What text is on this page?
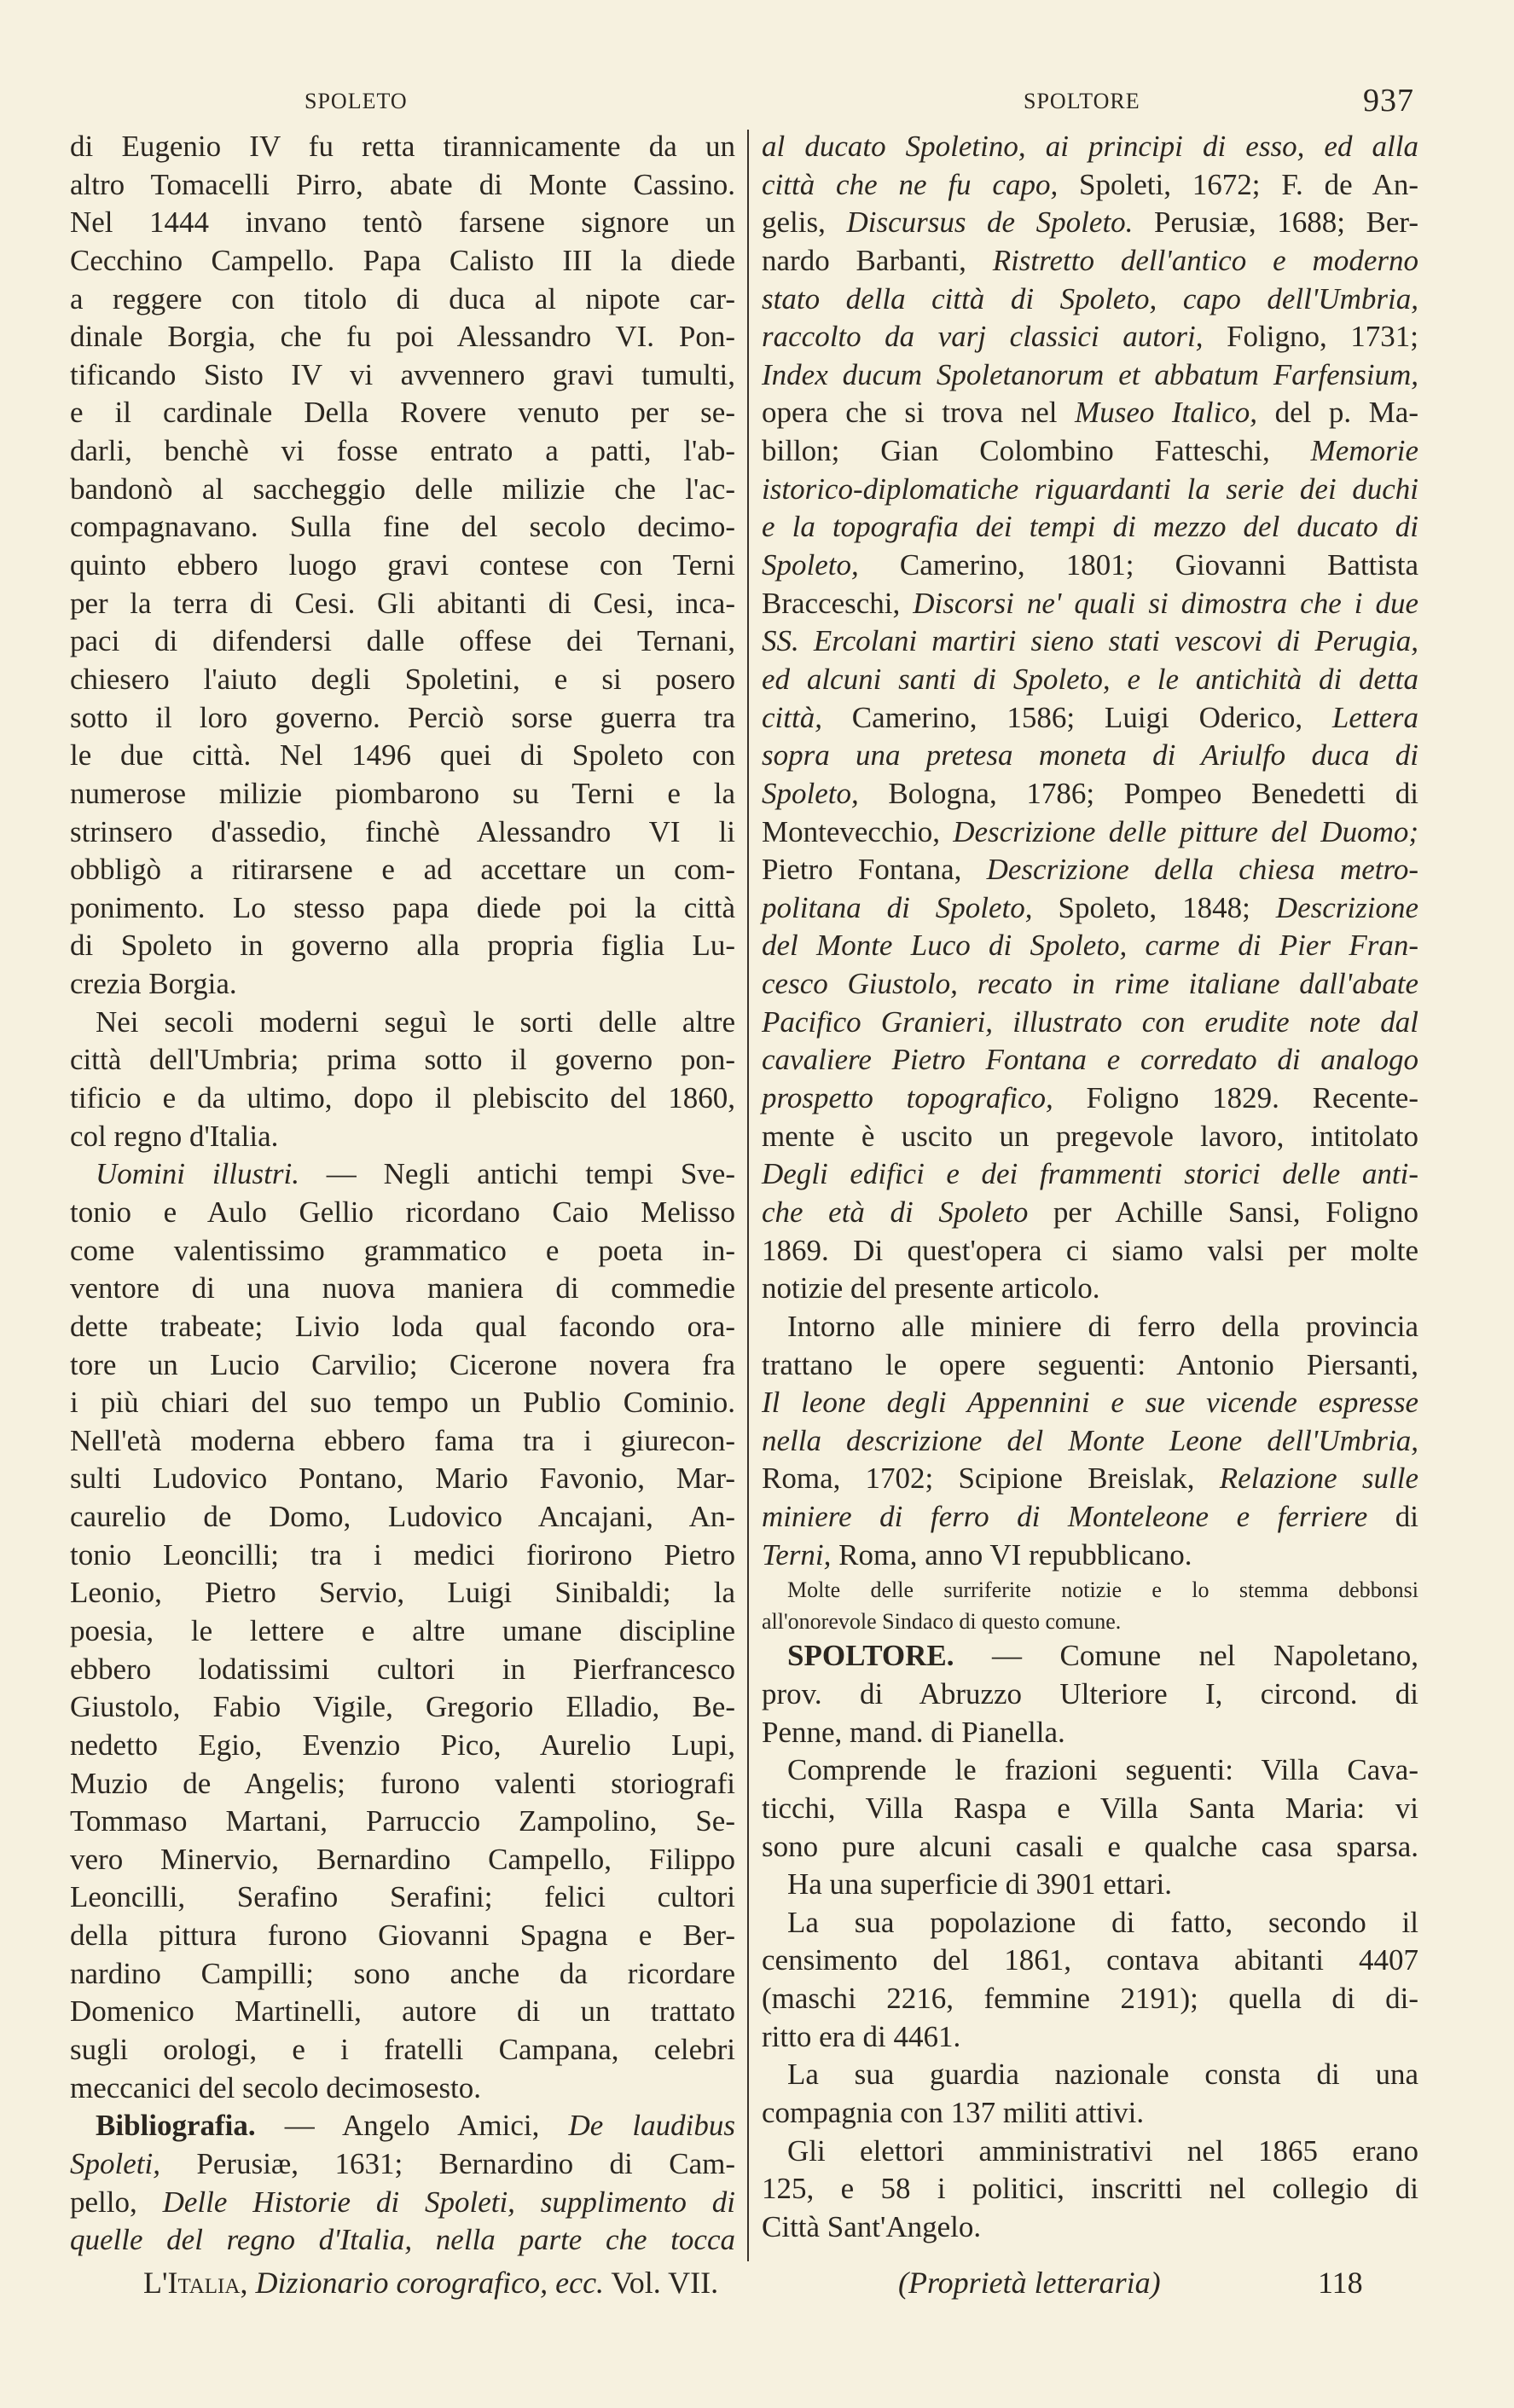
SPOLETO	SPOLTORE	937
di Eugenio IV fu retta tirannicamente da un
altro Tomacelli Pirro, abate di Monte Cassino.
Nel 1444 invano tentò farsene signore un
Cecchino Campello. Papa Calisto III la diede
a reggere con titolo di duca al nipote car-
dinale Borgia, che fu poi Alessandro VI. Pon-
tificando Sisto IV vi avvennero gravi tumulti,
e il cardinale Della Rovere venuto per se-
darli, benchè vi fosse entrato a patti, l'ab-
bandonò al saccheggio delle milizie che l'ac-
compagnavano. Sulla fine del secolo decimo-
quinto ebbero luogo gravi contese con Terni
per la terra di Cesi. Gli abitanti di Cesi, inca-
paci di difendersi dalle offese dei Ternani,
chiesero l'aiuto degli Spoletini, e si posero
sotto il loro governo. Perciò sorse guerra tra
le due città. Nel 1496 quei di Spoleto con
numerose milizie piombarono su Terni e la
strinsero d'assedio, finchè Alessandro VI li
obbligò a ritirarsene e ad accettare un com-
ponimento. Lo stesso papa diede poi la città
di Spoleto in governo alla propria figlia Lu-
crezia Borgia.
Nei secoli moderni seguì le sorti delle altre
città dell'Umbria; prima sotto il governo pon-
tificio e da ultimo, dopo il plebiscito del 1860,
col regno d'Italia.
Uomini illustri. — Negli antichi tempi Sve-
tonio e Aulo Gellio ricordano Caio Melisso
come valentissimo grammatico e poeta in-
ventore di una nuova maniera di commedie
dette trabeate; Livio loda qual facondo ora-
tore un Lucio Carvilio; Cicerone novera fra
i più chiari del suo tempo un Publio Cominio.
Nell'età moderna ebbero fama tra i giurecon-
sulti Ludovico Pontano, Mario Favonio, Mar-
caurelio de Domo, Ludovico Ancajani, An-
tonio Leoncilli; tra i medici fiorirono Pietro
Leonio, Pietro Servio, Luigi Sinibaldi; la
poesia, le lettere e altre umane discipline
ebbero lodatissimi cultori in Pierfrancesco
Giustolo, Fabio Vigile, Gregorio Elladio, Be-
nedetto Egio, Evenzio Pico, Aurelio Lupi,
Muzio de Angelis; furono valenti storiografi
Tommaso Martani, Parruccio Zampolino, Se-
vero Minervio, Bernardino Campello, Filippo
Leoncilli, Serafino Serafini; felici cultori
della pittura furono Giovanni Spagna e Ber-
nardino Campilli; sono anche da ricordare
Domenico Martinelli, autore di un trattato
sugli orologi, e i fratelli Campana, celebri
meccanici del secolo decimosesto.
Bibliografia. — Angelo Amici, De laudibus
Spoleti, Perusiæ, 1631; Bernardino di Cam-
pello, Delle Historie di Spoleti, supplimento di
quelle del regno d'Italia, nella parte che tocca
al ducato Spoletino, ai principi di esso, ed alla
città che ne fu capo, Spoleti, 1672; F. de An-
gelis, Discursus de Spoleto. Perusiæ, 1688; Ber-
nardo Barbanti, Ristretto dell'antico e moderno
stato della città di Spoleto, capo dell'Umbria,
raccolto da varj classici autori, Foligno, 1731;
Index ducum Spoletanorum et abbatum Farfensium,
opera che si trova nel Museo Italico, del p. Ma-
billon; Gian Colombino Fatteschi, Memorie
istorico-diplomatiche riguardanti la serie dei duchi
e la topografia dei tempi di mezzo del ducato di
Spoleto, Camerino, 1801; Giovanni Battista
Bracceschi, Discorsi ne' quali si dimostra che i due
SS. Ercolani martiri sieno stati vescovi di Perugia,
ed alcuni santi di Spoleto, e le antichità di detta
città, Camerino, 1586; Luigi Oderico, Lettera
sopra una pretesa moneta di Ariulfo duca di
Spoleto, Bologna, 1786; Pompeo Benedetti di
Montevecchio, Descrizione delle pitture del Duomo;
Pietro Fontana, Descrizione della chiesa metro-
politana di Spoleto, Spoleto, 1848; Descrizione
del Monte Luco di Spoleto, carme di Pier Fran-
cesco Giustolo, recato in rime italiane dall'abate
Pacifico Granieri, illustrato con erudite note dal
cavaliere Pietro Fontana e corredato di analogo
prospetto topografico, Foligno 1829. Recente-
mente è uscito un pregevole lavoro, intitolato
Degli edifici e dei frammenti storici delle anti-
che età di Spoleto per Achille Sansi, Foligno
1869. Di quest'opera ci siamo valsi per molte
notizie del presente articolo.
Intorno alle miniere di ferro della provincia
trattano le opere seguenti: Antonio Piersanti,
Il leone degli Appennini e sue vicende espresse
nella descrizione del Monte Leone dell'Umbria,
Roma, 1702; Scipione Breislak, Relazione sulle
miniere di ferro di Monteleone e ferriere di
Terni, Roma, anno VI repubblicano.
Molte delle surriferite notizie e lo stemma debbonsi
all'onorevole Sindaco di questo comune.
SPOLTORE. — Comune nel Napoletano,
prov. di Abruzzo Ulteriore I, circond. di
Penne, mand. di Pianella.
Comprende le frazioni seguenti: Villa Cava-
ticchi, Villa Raspa e Villa Santa Maria: vi
sono pure alcuni casali e qualche casa sparsa.
Ha una superficie di 3901 ettari.
La sua popolazione di fatto, secondo il
censimento del 1861, contava abitanti 4407
(maschi 2216, femmine 2191); quella di di-
ritto era di 4461.
La sua guardia nazionale consta di una
compagnia con 137 militi attivi.
Gli elettori amministrativi nel 1865 erano
125, e 58 i politici, inscritti nel collegio di
Città Sant'Angelo.
L'Italia, Dizionario corografico, ecc. Vol. VII.	(Proprietà letteraria)	118
